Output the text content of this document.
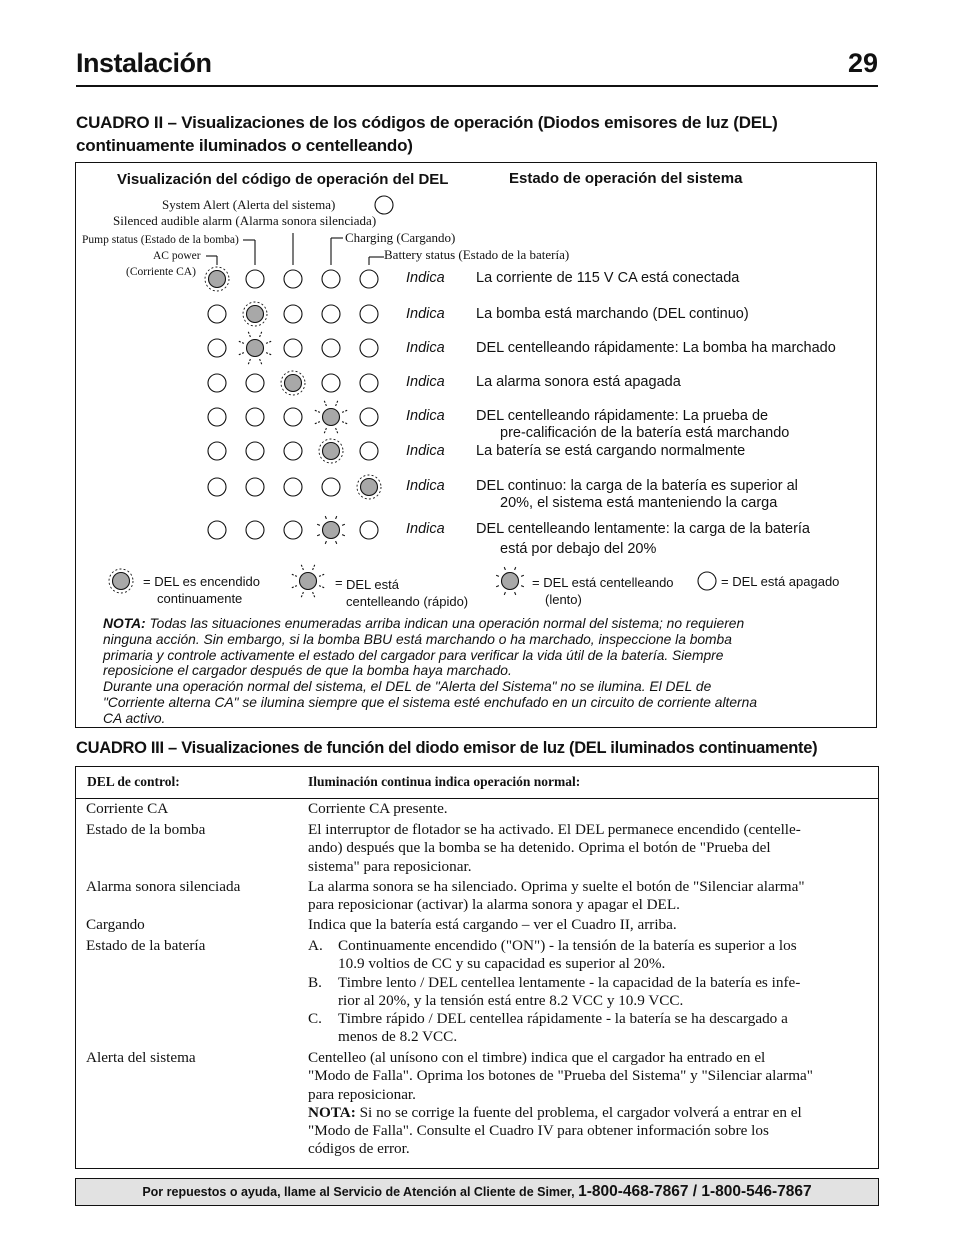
Instalación	29
CUADRO II – Visualizaciones de los códigos de operación (Diodos emisores de luz (DEL)
continuamente iluminados o centelleando)
Visualización del código de operación del DEL	Estado de operación del sistema
System Alert (Alerta del sistema)
Silenced audible alarm (Alarma sonora silenciada)
Pump status (Estado de la bomba)	Charging (Cargando)
AC power
(Corriente CA)
Battery status (Estado de la batería)
Indica La corriente de 115 V CA está conectada
Indica La bomba está marchando (DEL continuo)
Indica DEL centelleando rápidamente: La bomba ha marchado
Indica La alarma sonora está apagada
Indica DEL centelleando rápidamente: La prueba de
pre-calificación de la batería está marchando
Indica La batería se está cargando normalmente
Indica DEL continuo: la carga de la batería es superior al
20%, el sistema está manteniendo la carga
Indica DEL centelleando lentamente: la carga de la batería
está por debajo del 20%
= DEL es encendido
continuamente
= DEL está
centelleando (rápido)
= DEL está centelleando
(lento)
= DEL está apagado
NOTA: Todas las situaciones enumeradas arriba indican una operación normal del sistema; no requieren
ninguna acción. Sin embargo, si la bomba BBU está marchando o ha marchado, inspeccione la bomba
primaria y controle activamente el estado del cargador para verificar la vida útil de la batería. Siempre
reposicione el cargador después de que la bomba haya marchado.
Durante una operación normal del sistema, el DEL de "Alerta del Sistema" no se ilumina. El DEL de
"Corriente alterna CA" se ilumina siempre que el sistema esté enchufado en un circuito de corriente alterna
CA activo.
CUADRO III – Visualizaciones de función del diodo emisor de luz (DEL iluminados continuamente)
DEL de control:	Iluminación continua indica operación normal:
Corriente CA	Corriente CA presente.
Estado de la bomba	El interruptor de flotador se ha activado. El DEL permanece encendido (centelle-
ando) después que la bomba se ha detenido. Oprima el botón de "Prueba del
sistema" para reposicionar.
Alarma sonora silenciada	La alarma sonora se ha silenciado. Oprima y suelte el botón de "Silenciar alarma"
para reposicionar (activar) la alarma sonora y apagar el DEL.
Cargando	Indica que la batería está cargando – ver el Cuadro II, arriba.
Estado de la batería	A.	Continuamente encendido ("ON") - la tensión de la batería es superior a los
10.9 voltios de CC y su capacidad es superior al 20%.
B.	Timbre lento / DEL centellea lentamente - la capacidad de la batería es infe-
rior al 20%, y la tensión está entre 8.2 VCC y 10.9 VCC.
C.	Timbre rápido / DEL centellea rápidamente - la batería se ha descargado a
menos de 8.2 VCC.
Alerta del sistema	Centelleo (al unísono con el timbre) indica que el cargador ha entrado en el
"Modo de Falla". Oprima los botones de "Prueba del Sistema" y "Silenciar alarma"
para reposicionar.
NOTA: Si no se corrige la fuente del problema, el cargador volverá a entrar en el
"Modo de Falla". Consulte el Cuadro IV para obtener información sobre los
códigos de error.
Por repuestos o ayuda, llame al Servicio de Atención al Cliente de Simer, 1-800-468-7867 / 1-800-546-7867
